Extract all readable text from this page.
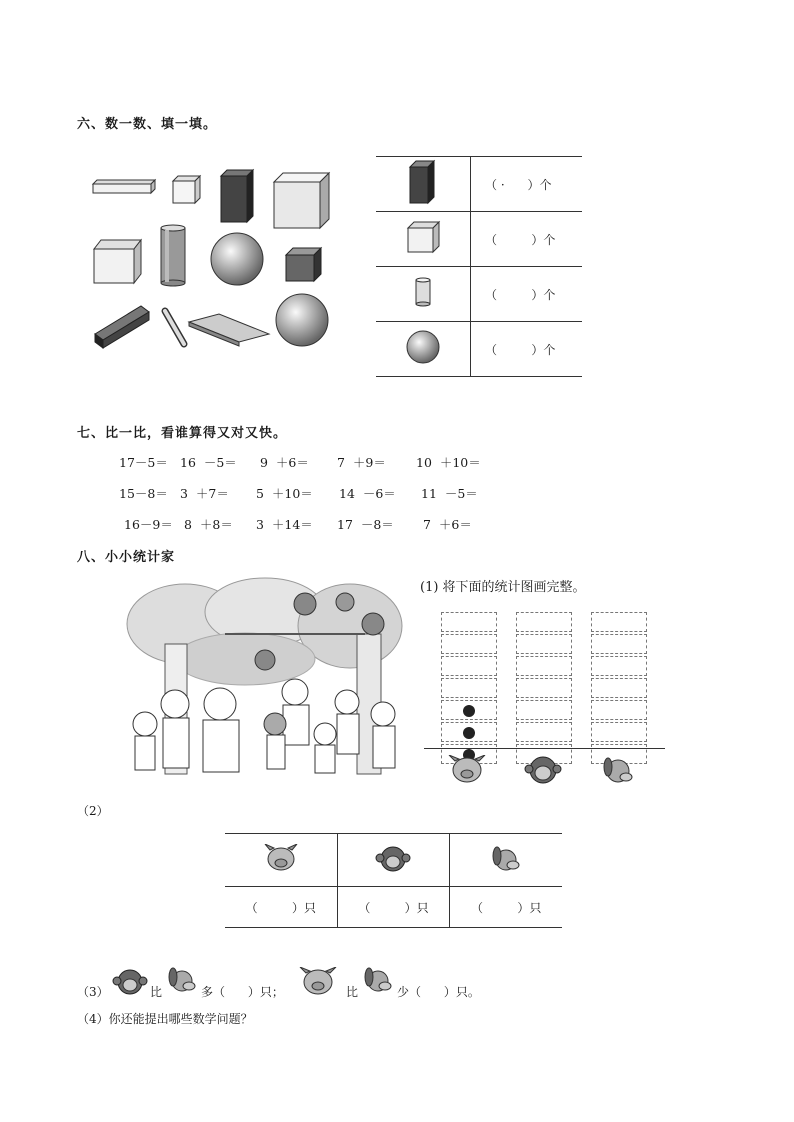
六、数一数、填一填。
	（ ·      ）个
	（         ）个
	（         ）个
	（         ）个
七、比一比，看谁算得又对又快。
17－5＝ 16  －5＝ 9  ＋6＝ 7  ＋9＝ 10  ＋10＝
15－8＝ 3  ＋7＝ 5  ＋10＝ 14  －6＝ 11  －5＝
16－9＝ 8  ＋8＝ 3  ＋14＝ 17  －8＝ 7  ＋6＝
八、小小统计家
(1) 将下面的统计图画完整。
（2）

（         ）只	（         ）只	（         ）只
（3）	比	多（      ）只；	比	少（      ）只。
（4）你还能提出哪些数学问题？
